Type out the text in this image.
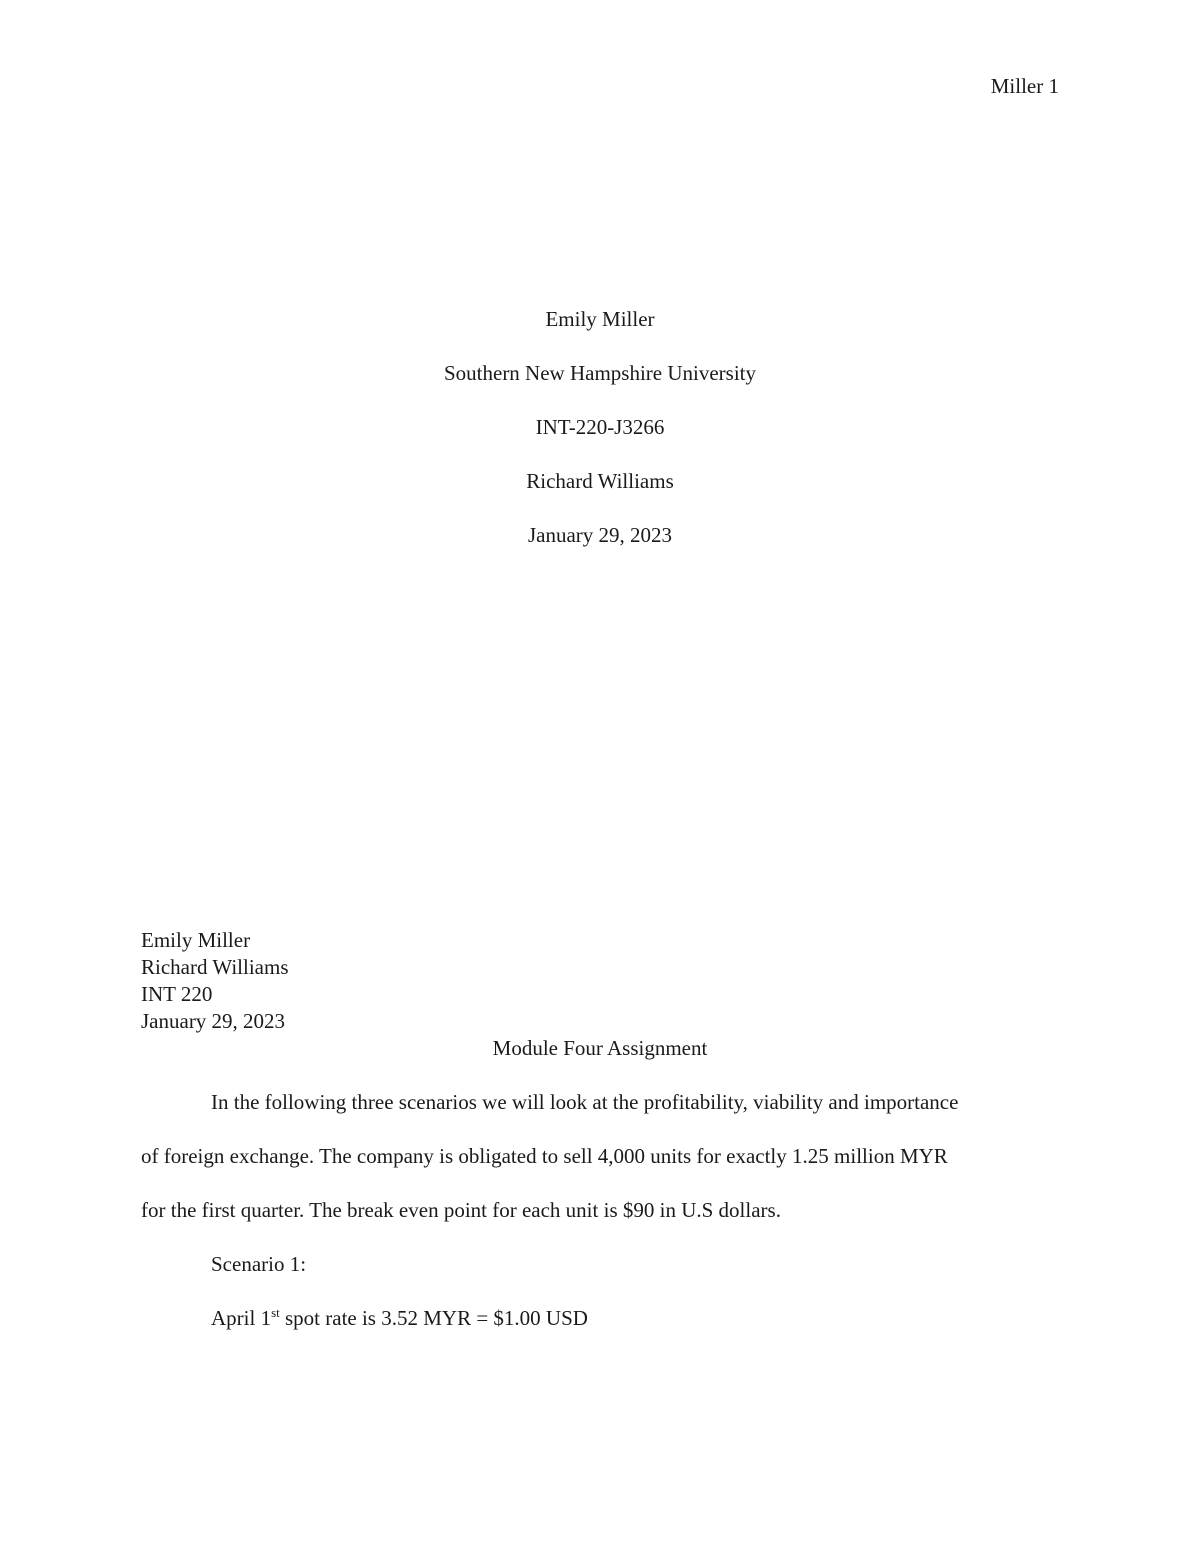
Miller 1
Emily Miller
Southern New Hampshire University
INT-220-J3266
Richard Williams
January 29, 2023
Emily Miller
Richard Williams
INT 220
January 29, 2023
Module Four Assignment
In the following three scenarios we will look at the profitability, viability and importance
of foreign exchange. The company is obligated to sell 4,000 units for exactly 1.25 million MYR
for the first quarter. The break even point for each unit is $90 in U.S dollars.
Scenario 1:
April 1st spot rate is 3.52 MYR = $1.00 USD
